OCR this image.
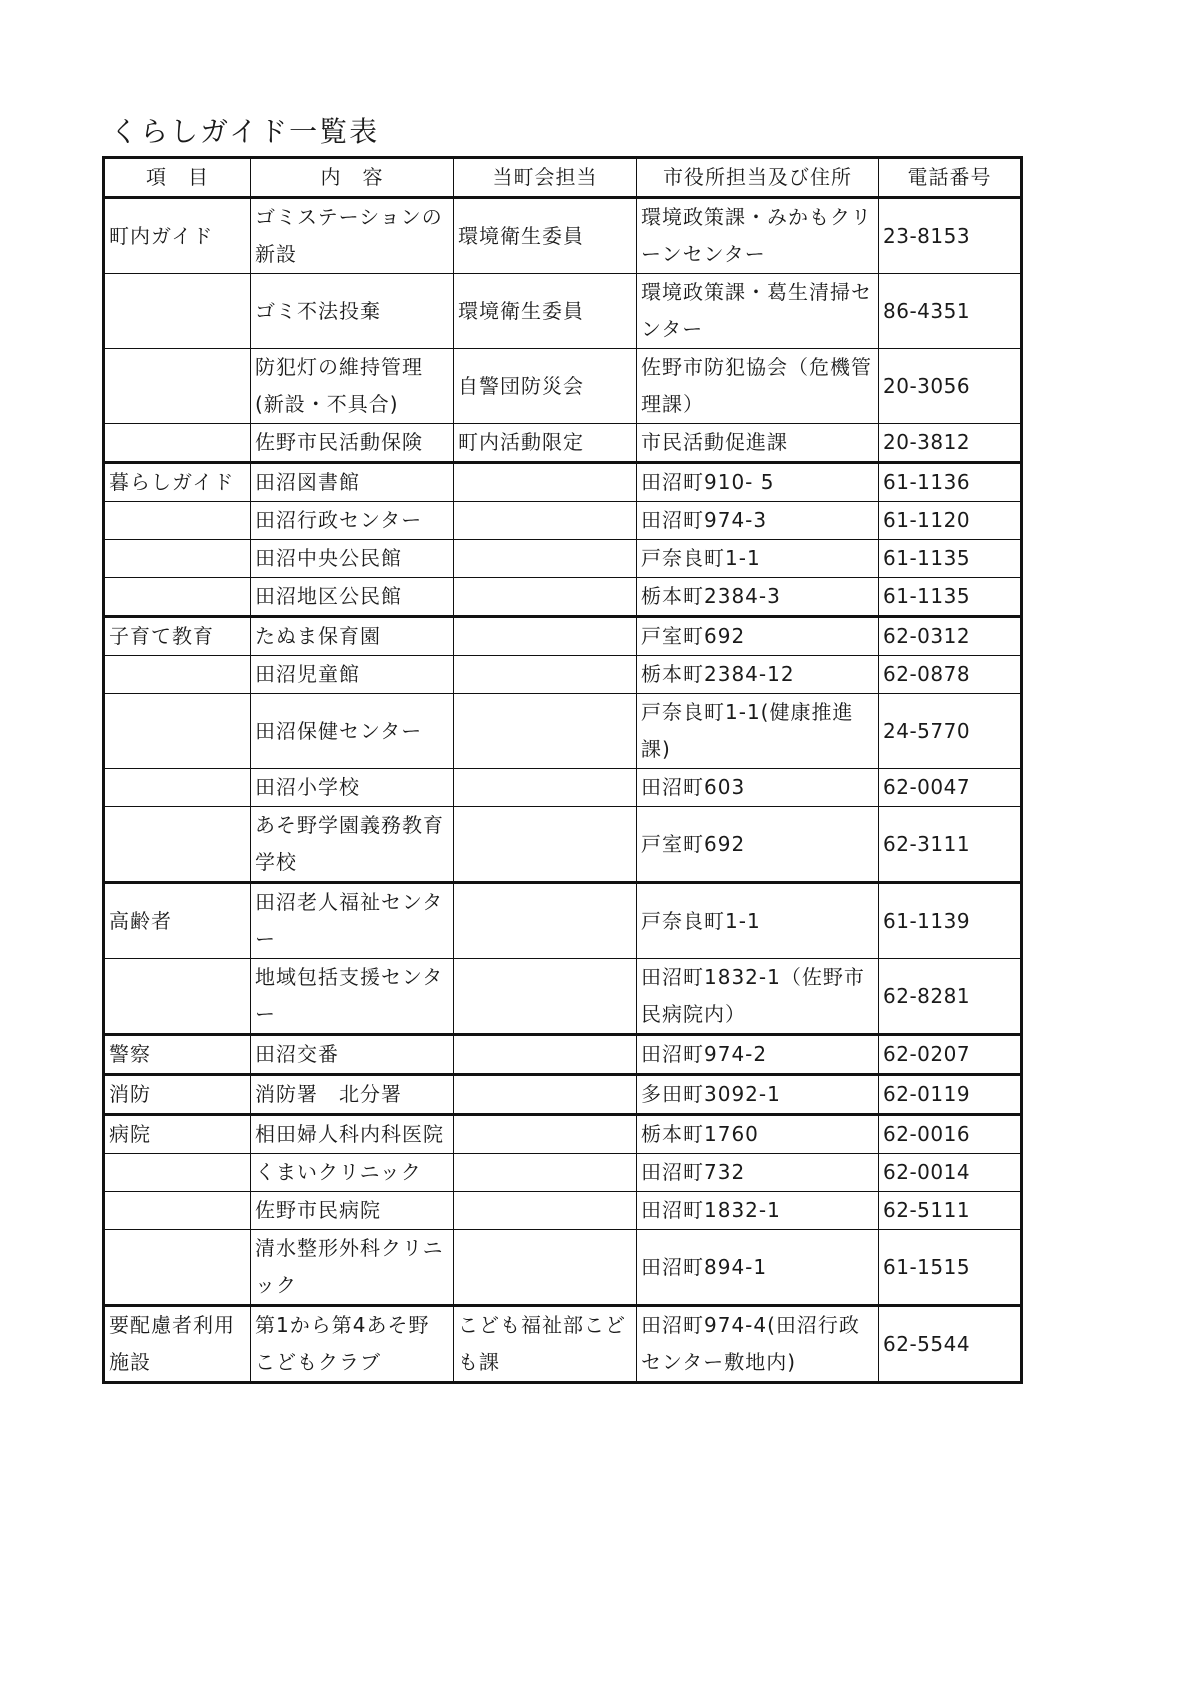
くらしガイド一覧表
項　目	内　容	当町会担当	市役所担当及び住所	電話番号
町内ガイド	ゴミステーションの新設	環境衛生委員	環境政策課・みかもクリーンセンター	23-8153
	ゴミ不法投棄	環境衛生委員	環境政策課・葛生清掃センター	86-4351
	防犯灯の維持管理(新設・不具合)	自警団防災会	佐野市防犯協会（危機管理課）	20-3056
	佐野市民活動保険	町内活動限定	市民活動促進課	20-3812
暮らしガイド	田沼図書館		田沼町910- 5	61-1136
	田沼行政センター		田沼町974-3	61-1120
	田沼中央公民館		戸奈良町1-1	61-1135
	田沼地区公民館		栃本町2384-3	61-1135
子育て教育	たぬま保育園		戸室町692	62-0312
	田沼児童館		栃本町2384-12	62-0878
	田沼保健センター		戸奈良町1-1(健康推進課)	24-5770
	田沼小学校		田沼町603	62-0047
	あそ野学園義務教育学校		戸室町692	62-3111
高齢者	田沼老人福祉センター		戸奈良町1-1	61-1139
	地域包括支援センター		田沼町1832-1（佐野市民病院内）	62-8281
警察	田沼交番		田沼町974-2	62-0207
消防	消防署　北分署		多田町3092-1	62-0119
病院	相田婦人科内科医院		栃本町1760	62-0016
	くまいクリニック		田沼町732	62-0014
	佐野市民病院		田沼町1832-1	62-5111
	清水整形外科クリニック		田沼町894-1	61-1515
要配慮者利用施設	第1から第4あそ野こどもクラブ	こども福祉部こども課	田沼町974-4(田沼行政センター敷地内)	62-5544
